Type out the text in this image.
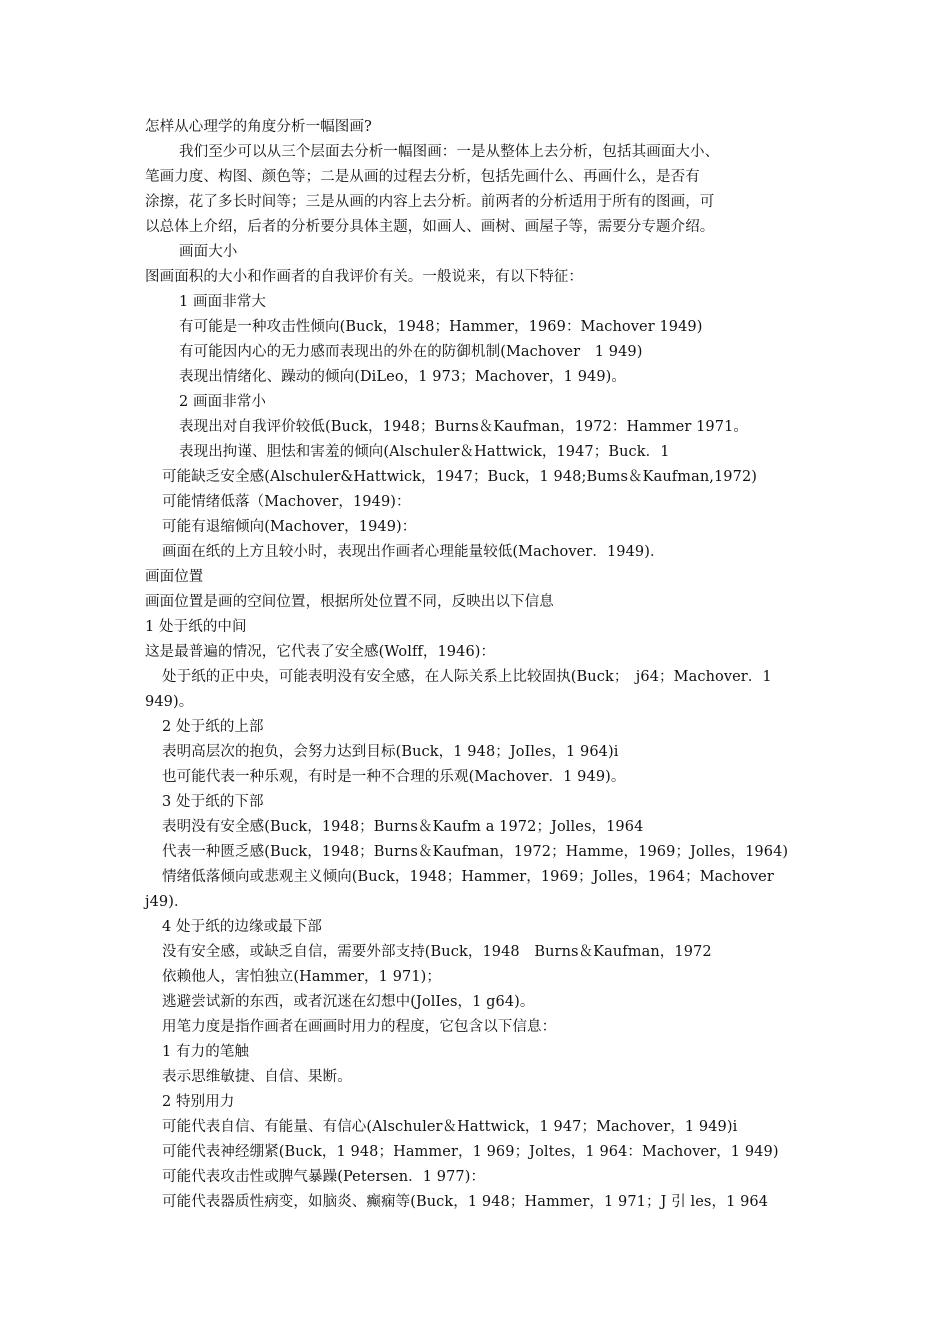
怎样从心理学的角度分析一幅图画?
我们至少可以从三个层面去分析一幅图画：一是从整体上去分析，包括其画面大小、
笔画力度、构图、颜色等；二是从画的过程去分析，包括先画什么、再画什么，是否有
涂擦，花了多长时间等；三是从画的内容上去分析。前两者的分析适用于所有的图画，可
以总体上介绍，后者的分析要分具体主题，如画人、画树、画屋子等，需要分专题介绍。
画面大小
图画面积的大小和作画者的自我评价有关。一般说来，有以下特征：
1 画面非常大
有可能是一种攻击性倾向(Buck，1948；Hammer，1969：Machover 1949)
有可能因内心的无力感而表现出的外在的防御机制(Machover　1 949)
表现出情绪化、躁动的倾向(DiLeo，1 973；Machover，1 949)。
2 画面非常小
表现出对自我评价较低(Buck，1948；Burns＆Kaufman，1972：Hammer 1971。
表现出拘谨、胆怯和害羞的倾向(Alschuler＆Hattwick，1947；Buck．1
可能缺乏安全感(Alschuler&Hattwick，1947；Buck，1 948;Bums＆Kaufman,1972)
可能情绪低落（Machover，1949)：
可能有退缩倾向(Machover，1949)：
画面在纸的上方且较小时，表现出作画者心理能量较低(Machover．1949)．
画面位置
画面位置是画的空间位置，根据所处位置不同，反映出以下信息
1 处于纸的中间
这是最普遍的情况，它代表了安全感(Wolff，1946)：
处于纸的正中央，可能表明没有安全感，在人际关系上比较固执(Buck；　j64；Machover．1
949)。
2 处于纸的上部
表明高层次的抱负，会努力达到目标(Buck，1 948；JoIles，1 964)i
也可能代表一种乐观，有时是一种不合理的乐观(Machover．1 949)。
3 处于纸的下部
表明没有安全感(Buck，1948；Burns＆Kaufm a 1972；Jolles，1964
代表一种匮乏感(Buck，1948；Burns＆Kaufman，1972；Hamme，1969；Jolles，1964)
情绪低落倾向或悲观主义倾向(Buck，1948；Hammer，1969；Jolles，1964；Machover
j49)．
4 处于纸的边缘或最下部
没有安全感，或缺乏自信，需要外部支持(Buck，1948　Burns＆Kaufman，1972
依赖他人，害怕独立(Hammer，1 971)；
逃避尝试新的东西，或者沉迷在幻想中(JolIes，1 g64)。
用笔力度是指作画者在画画时用力的程度，它包含以下信息：
1 有力的笔触
表示思维敏捷、自信、果断。
2 特别用力
可能代表自信、有能量、有信心(Alschuler＆Hattwick，1 947；Machover，1 949)i
可能代表神经绷紧(Buck，1 948；Hammer，1 969；Joltes，1 964：Machover，1 949)
可能代表攻击性或脾气暴躁(Petersen．1 977)：
可能代表器质性病变，如脑炎、癫痫等(Buck，1 948；Hammer，1 971；J 引 les，1 964
